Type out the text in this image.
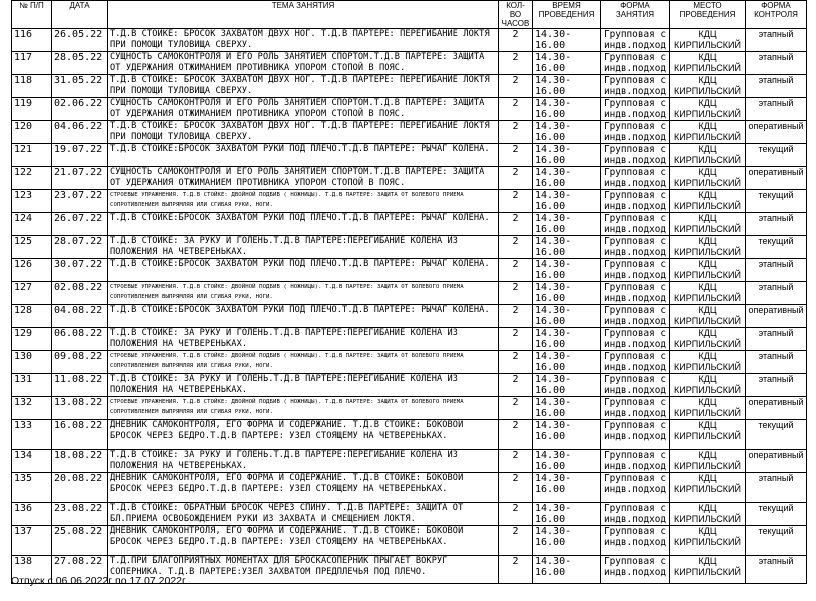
№ П/П	ДАТА	ТЕМА ЗАНЯТИЯ	КОЛ-ВО ЧАСОВ	ВРЕМЯ ПРОВЕДЕНИЯ	ФОРМА ЗАНЯТИЯ	МЕСТО ПРОВЕДЕНИЯ	ФОРМА КОНТРОЛЯ
116	26.05.22	Т.Д.В СТОЙКЕ: БРОСОК ЗАХВАТОМ ДВУХ НОГ. Т.Д.В ПАРТЕРЕ: ПЕРЕГИБАНИЕ ЛОКТЯ ПРИ ПОМОЩИ ТУЛОВИЩА СВЕРХУ.	2	14.30-16.00	Групповая с индв.подход	КДЦ КИРПИЛЬСКИЙ	этапный
117	28.05.22	СУЩНОСТЬ САМОКОНТРОЛЯ И ЕГО РОЛЬ ЗАНЯТИЕМ СПОРТОМ.Т.Д.В ПАРТЕРЕ: ЗАЩИТА ОТ УДЕРЖАНИЯ ОТЖИМАНИЕМ ПРОТИВНИКА УПОРОМ СТОПОЙ В ПОЯС.	2	14.30-16.00	Групповая с индв.подход	КДЦ КИРПИЛЬСКИЙ	этапный
118	31.05.22	Т.Д.В СТОЙКЕ: БРОСОК ЗАХВАТОМ ДВУХ НОГ. Т.Д.В ПАРТЕРЕ: ПЕРЕГИБАНИЕ ЛОКТЯ ПРИ ПОМОЩИ ТУЛОВИЩА СВЕРХУ.	2	14.30-16.00	Групповая с индв.подход	КДЦ КИРПИЛЬСКИЙ	этапный
119	02.06.22	СУЩНОСТЬ САМОКОНТРОЛЯ И ЕГО РОЛЬ ЗАНЯТИЕМ СПОРТОМ.Т.Д.В ПАРТЕРЕ: ЗАЩИТА ОТ УДЕРЖАНИЯ ОТЖИМАНИЕМ ПРОТИВНИКА УПОРОМ СТОПОЙ В ПОЯС.	2	14.30-16.00	Групповая с индв.подход	КДЦ КИРПИЛЬСКИЙ	этапный
120	04.06.22	Т.Д.В СТОЙКЕ: БРОСОК ЗАХВАТОМ ДВУХ НОГ. Т.Д.В ПАРТЕРЕ: ПЕРЕГИБАНИЕ ЛОКТЯ ПРИ ПОМОЩИ ТУЛОВИЩА СВЕРХУ.	2	14.30-16.00	Групповая с индв.подход	КДЦ КИРПИЛЬСКИЙ	оперативный
121	19.07.22	Т.Д.В СТОЙКЕ:БРОСОК ЗАХВАТОМ РУКИ ПОД ПЛЕЧО.Т.Д.В ПАРТЕРЕ: РЫЧАГ КОЛЕНА.	2	14.30-16.00	Групповая с индв.подход	КДЦ КИРПИЛЬСКИЙ	текущий
122	21.07.22	СУЩНОСТЬ САМОКОНТРОЛЯ И ЕГО РОЛЬ ЗАНЯТИЕМ СПОРТОМ.Т.Д.В ПАРТЕРЕ: ЗАЩИТА ОТ УДЕРЖАНИЯ ОТЖИМАНИЕМ ПРОТИВНИКА УПОРОМ СТОПОЙ В ПОЯС.	2	14.30-16.00	Групповая с индв.подход	КДЦ КИРПИЛЬСКИЙ	оперативный
123	23.07.22	СТРОЕВЫЕ УПРАЖНЕНИЯ. Т.Д.В СТОЙКЕ: ДВОЙНОЙ ПОДБИВ ( НОЖНИЦЫ). Т.Д.В ПАРТЕРЕ: ЗАЩИТА ОТ БОЛЕВОГО ПРИЕМА СОПРОТИВЛЕНИЕМ ВЫПРЯМЛЯЯ ИЛИ СГИБАЯ РУКИ, НОГИ.	2	14.30-16.00	Групповая с индв.подход	КДЦ КИРПИЛЬСКИЙ	текущий
124	26.07.22	Т.Д.В СТОЙКЕ:БРОСОК ЗАХВАТОМ РУКИ ПОД ПЛЕЧО.Т.Д.В ПАРТЕРЕ: РЫЧАГ КОЛЕНА.	2	14.30-16.00	Групповая с индв.подход	КДЦ КИРПИЛЬСКИЙ	этапный
125	28.07.22	Т.Д.В СТОЙКЕ: ЗА РУКУ И ГОЛЕНЬ.Т.Д.В ПАРТЕРЕ:ПЕРЕГИБАНИЕ КОЛЕНА ИЗ ПОЛОЖЕНИЯ НА ЧЕТВЕРЕНЬКАХ.	2	14.30-16.00	Групповая с индв.подход	КДЦ КИРПИЛЬСКИЙ	текущий
126	30.07.22	Т.Д.В СТОЙКЕ:БРОСОК ЗАХВАТОМ РУКИ ПОД ПЛЕЧО.Т.Д.В ПАРТЕРЕ: РЫЧАГ КОЛЕНА.	2	14.30-16.00	Групповая с индв.подход	КДЦ КИРПИЛЬСКИЙ	этапный
127	02.08.22	СТРОЕВЫЕ УПРАЖНЕНИЯ. Т.Д.В СТОЙКЕ: ДВОЙНОЙ ПОДБИВ ( НОЖНИЦЫ). Т.Д.В ПАРТЕРЕ: ЗАЩИТА ОТ БОЛЕВОГО ПРИЕМА СОПРОТИВЛЕНИЕМ ВЫПРЯМЛЯЯ ИЛИ СГИБАЯ РУКИ, НОГИ.	2	14.30-16.00	Групповая с индв.подход	КДЦ КИРПИЛЬСКИЙ	этапный
128	04.08.22	Т.Д.В СТОЙКЕ:БРОСОК ЗАХВАТОМ РУКИ ПОД ПЛЕЧО.Т.Д.В ПАРТЕРЕ: РЫЧАГ КОЛЕНА.	2	14.30-16.00	Групповая с индв.подход	КДЦ КИРПИЛЬСКИЙ	оперативный
129	06.08.22	Т.Д.В СТОЙКЕ: ЗА РУКУ И ГОЛЕНЬ.Т.Д.В ПАРТЕРЕ:ПЕРЕГИБАНИЕ КОЛЕНА ИЗ ПОЛОЖЕНИЯ НА ЧЕТВЕРЕНЬКАХ.	2	14.30-16.00	Групповая с индв.подход	КДЦ КИРПИЛЬСКИЙ	этапный
130	09.08.22	СТРОЕВЫЕ УПРАЖНЕНИЯ. Т.Д.В СТОЙКЕ: ДВОЙНОЙ ПОДБИВ ( НОЖНИЦЫ). Т.Д.В ПАРТЕРЕ: ЗАЩИТА ОТ БОЛЕВОГО ПРИЕМА СОПРОТИВЛЕНИЕМ ВЫПРЯМЛЯЯ ИЛИ СГИБАЯ РУКИ, НОГИ.	2	14.30-16.00	Групповая с индв.подход	КДЦ КИРПИЛЬСКИЙ	этапный
131	11.08.22	Т.Д.В СТОЙКЕ: ЗА РУКУ И ГОЛЕНЬ.Т.Д.В ПАРТЕРЕ:ПЕРЕГИБАНИЕ КОЛЕНА ИЗ ПОЛОЖЕНИЯ НА ЧЕТВЕРЕНЬКАХ.	2	14.30-16.00	Групповая с индв.подход	КДЦ КИРПИЛЬСКИЙ	этапный
132	13.08.22	СТРОЕВЫЕ УПРАЖНЕНИЯ. Т.Д.В СТОЙКЕ: ДВОЙНОЙ ПОДБИВ ( НОЖНИЦЫ). Т.Д.В ПАРТЕРЕ: ЗАЩИТА ОТ БОЛЕВОГО ПРИЕМА СОПРОТИВЛЕНИЕМ ВЫПРЯМЛЯЯ ИЛИ СГИБАЯ РУКИ, НОГИ.	2	14.30-16.00	Групповая с индв.подход	КДЦ КИРПИЛЬСКИЙ	оперативный
133	16.08.22	ДНЕВНИК САМОКОНТРОЛЯ, ЕГО ФОРМА И СОДЕРЖАНИЕ. Т.Д.В СТОЙКЕ: БОКОВОЙ БРОСОК ЧЕРЕЗ БЕДРО.Т.Д.В ПАРТЕРЕ: УЗЕЛ СТОЯЩЕМУ НА ЧЕТВЕРЕНЬКАХ.	2	14.30-16.00	Групповая с индв.подход	КДЦ КИРПИЛЬСКИЙ	текущий
134	18.08.22	Т.Д.В СТОЙКЕ: ЗА РУКУ И ГОЛЕНЬ.Т.Д.В ПАРТЕРЕ:ПЕРЕГИБАНИЕ КОЛЕНА ИЗ ПОЛОЖЕНИЯ НА ЧЕТВЕРЕНЬКАХ.	2	14.30-16.00	Групповая с индв.подход	КДЦ КИРПИЛЬСКИЙ	оперативный
135	20.08.22	ДНЕВНИК САМОКОНТРОЛЯ, ЕГО ФОРМА И СОДЕРЖАНИЕ. Т.Д.В СТОЙКЕ: БОКОВОЙ БРОСОК ЧЕРЕЗ БЕДРО.Т.Д.В ПАРТЕРЕ: УЗЕЛ СТОЯЩЕМУ НА ЧЕТВЕРЕНЬКАХ.	2	14.30-16.00	Групповая с индв.подход	КДЦ КИРПИЛЬСКИЙ	этапный
136	23.08.22	Т.Д.В СТОЙКЕ: ОБРАТНЫЙ БРОСОК ЧЕРЕЗ СПИНУ. Т.Д.В ПАРТЕРЕ: ЗАЩИТА ОТ БЛ.ПРИЕМА ОСВОБОЖДЕНИЕМ РУКИ ИЗ ЗАХВАТА И СМЕЩЕНИЕМ ЛОКТЯ.	2	14.30-16.00	Групповая с индв.подход	КДЦ КИРПИЛЬСКИЙ	текущий
137	25.08.22	ДНЕВНИК САМОКОНТРОЛЯ, ЕГО ФОРМА И СОДЕРЖАНИЕ. Т.Д.В СТОЙКЕ: БОКОВОЙ БРОСОК ЧЕРЕЗ БЕДРО.Т.Д.В ПАРТЕРЕ: УЗЕЛ СТОЯЩЕМУ НА ЧЕТВЕРЕНЬКАХ.	2	14.30-16.00	Групповая с индв.подход	КДЦ КИРПИЛЬСКИЙ	текущий
138	27.08.22	Т.Д.ПРИ БЛАГОПРИЯТНЫХ МОМЕНТАХ ДЛЯ БРОСКАСОПЕРНИК ПРЫГАЕТ ВОКРУГ СОПЕРНИКА. Т.Д.В ПАРТЕРЕ:УЗЕЛ ЗАХВАТОМ ПРЕДПЛЕЧЬЯ ПОД ПЛЕЧО.	2	14.30-16.00	Групповая с индв.подход	КДЦ КИРПИЛЬСКИЙ	этапный
Отпуск с 06.06.2022г по 17.07.2022г.
